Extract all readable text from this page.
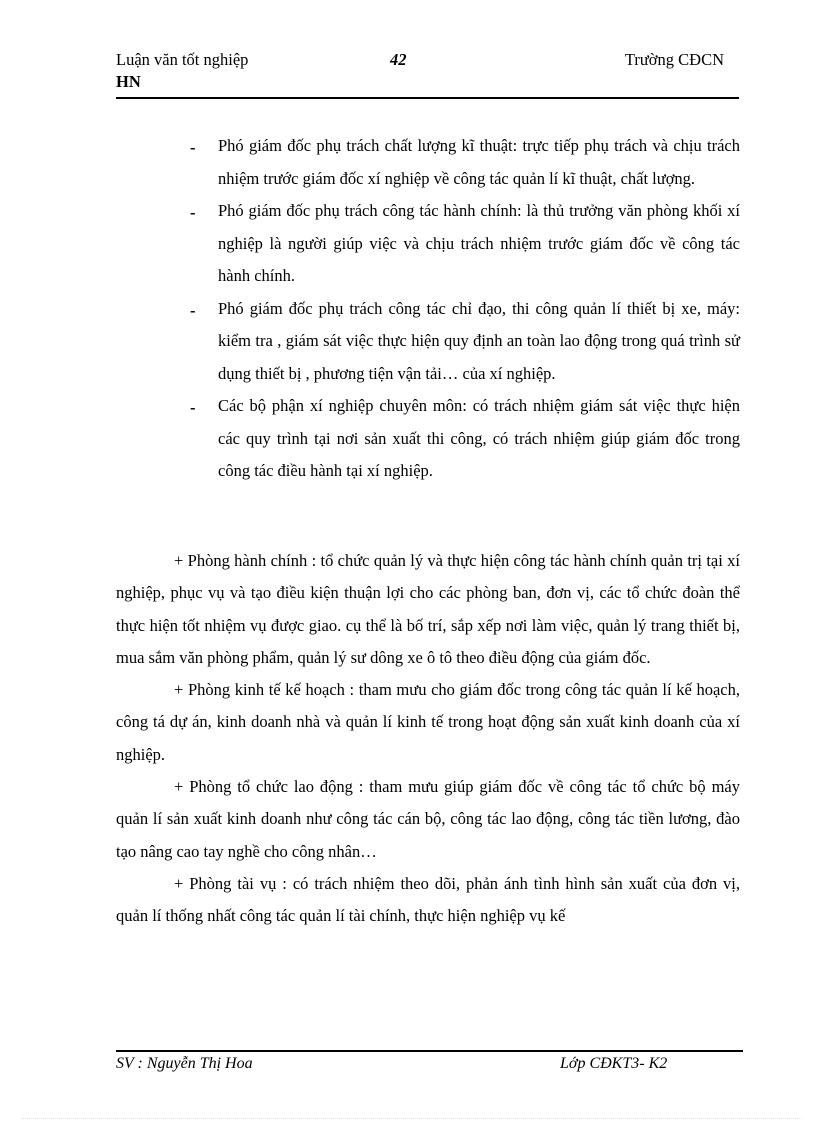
Luận văn tốt nghiệp	42	Trường CĐCN
HN
- Phó giám đốc phụ trách chất lượng kĩ thuật: trực tiếp phụ trách và chịu trách nhiệm trước giám đốc xí nghiệp về công tác quản lí kĩ thuật, chất lượng.
- Phó giám đốc phụ trách công tác hành chính: là thủ trưởng văn phòng khối xí nghiệp là người giúp việc và chịu trách nhiệm trước giám đốc về công tác hành chính.
- Phó giám đốc phụ trách công tác chỉ đạo, thi công quản lí thiết bị xe, máy: kiểm tra , giám sát việc thực hiện quy định an toàn lao động trong quá trình sử dụng thiết bị , phương tiện vận tải… của xí nghiệp.
- Các bộ phận xí nghiệp chuyên môn: có trách nhiệm giám sát việc thực hiện các quy trình tại nơi sản xuất thi công, có trách nhiệm giúp giám đốc trong công tác điều hành tại xí nghiệp.

+ Phòng hành chính : tổ chức quản lý và thực hiện công tác hành chính quản trị tại xí nghiệp, phục vụ và tạo điều kiện thuận lợi cho các phòng ban, đơn vị, các tổ chức đoàn thể thực hiện tốt nhiệm vụ được giao. cụ thể là bố trí, sắp xếp nơi làm việc, quản lý trang thiết bị, mua sắm văn phòng phẩm, quản lý sư dông xe ô tô theo điều động của giám đốc.

+ Phòng kinh tế kế hoạch : tham mưu cho giám đốc trong công tác quản lí kế hoạch, công tá dự án, kinh doanh nhà và quản lí kinh tế trong hoạt động sản xuất kinh doanh của xí nghiệp.

+ Phòng tổ chức lao động : tham mưu giúp giám đốc về công tác tổ chức bộ máy quản lí sản xuất kinh doanh như công tác cán bộ, công tác lao động, công tác tiền lương, đào tạo nâng cao tay nghề cho công nhân…

+ Phòng tài vụ : có trách nhiệm theo dõi, phản ánh tình hình sản xuất của đơn vị, quản lí thống nhất công tác quản lí tài chính, thực hiện nghiệp vụ kế

SV : Nguyễn Thị Hoa	Lớp CĐKT3- K2
